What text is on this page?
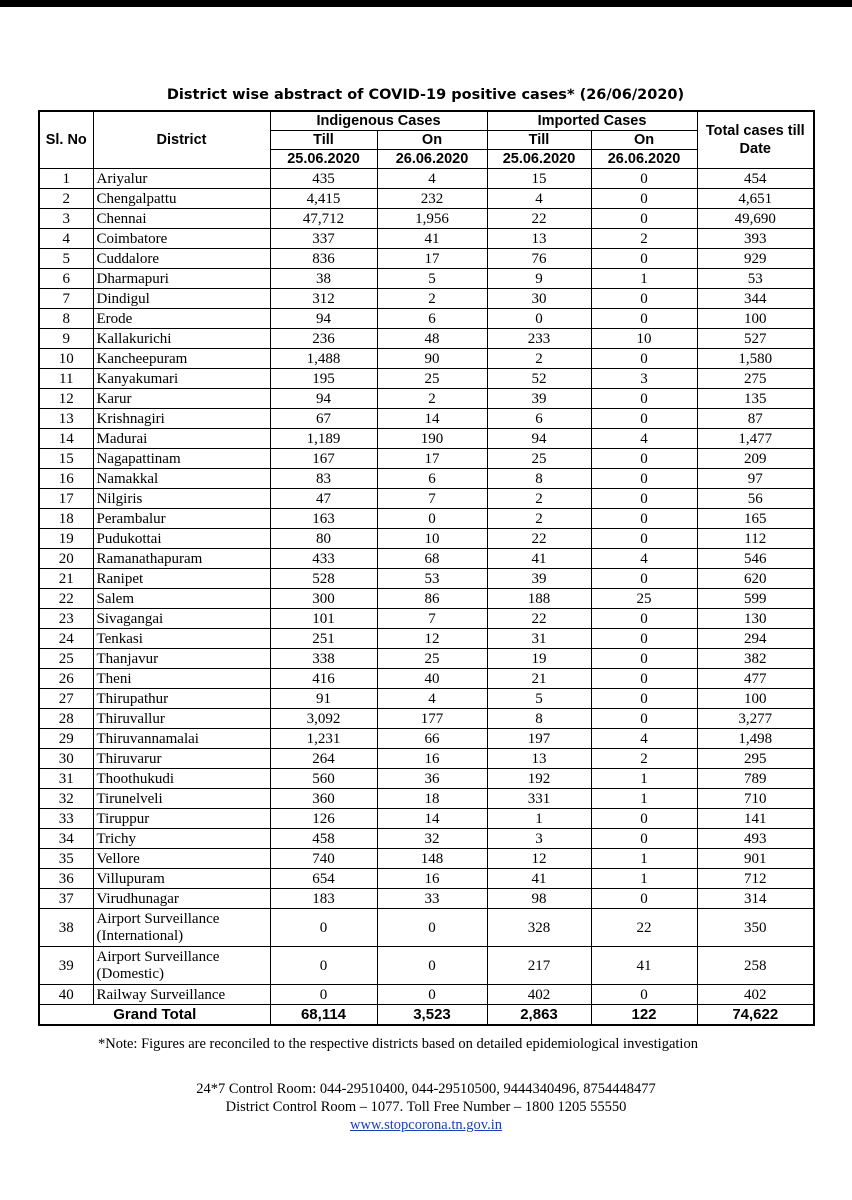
District wise abstract of COVID-19 positive cases* (26/06/2020)
Sl. No	District	Indigenous Cases		Imported Cases		Total cases till Date
		Till	On	Till	On	
		25.06.2020	26.06.2020	25.06.2020	26.06.2020	
1	Ariyalur	435	4	15	0	454
2	Chengalpattu	4,415	232	4	0	4,651
3	Chennai	47,712	1,956	22	0	49,690
4	Coimbatore	337	41	13	2	393
5	Cuddalore	836	17	76	0	929
6	Dharmapuri	38	5	9	1	53
7	Dindigul	312	2	30	0	344
8	Erode	94	6	0	0	100
9	Kallakurichi	236	48	233	10	527
10	Kancheepuram	1,488	90	2	0	1,580
11	Kanyakumari	195	25	52	3	275
12	Karur	94	2	39	0	135
13	Krishnagiri	67	14	6	0	87
14	Madurai	1,189	190	94	4	1,477
15	Nagapattinam	167	17	25	0	209
16	Namakkal	83	6	8	0	97
17	Nilgiris	47	7	2	0	56
18	Perambalur	163	0	2	0	165
19	Pudukottai	80	10	22	0	112
20	Ramanathapuram	433	68	41	4	546
21	Ranipet	528	53	39	0	620
22	Salem	300	86	188	25	599
23	Sivagangai	101	7	22	0	130
24	Tenkasi	251	12	31	0	294
25	Thanjavur	338	25	19	0	382
26	Theni	416	40	21	0	477
27	Thirupathur	91	4	5	0	100
28	Thiruvallur	3,092	177	8	0	3,277
29	Thiruvannamalai	1,231	66	197	4	1,498
30	Thiruvarur	264	16	13	2	295
31	Thoothukudi	560	36	192	1	789
32	Tirunelveli	360	18	331	1	710
33	Tiruppur	126	14	1	0	141
34	Trichy	458	32	3	0	493
35	Vellore	740	148	12	1	901
36	Villupuram	654	16	41	1	712
37	Virudhunagar	183	33	98	0	314
38	Airport Surveillance (International)	0	0	328	22	350
39	Airport Surveillance (Domestic)	0	0	217	41	258
40	Railway Surveillance	0	0	402	0	402
Grand Total		68,114	3,523	2,863	122	74,622
*Note: Figures are reconciled to the respective districts based on detailed epidemiological investigation
24*7 Control Room: 044-29510400, 044-29510500, 9444340496, 8754448477
District Control Room – 1077. Toll Free Number – 1800 1205 55550
www.stopcorona.tn.gov.in
